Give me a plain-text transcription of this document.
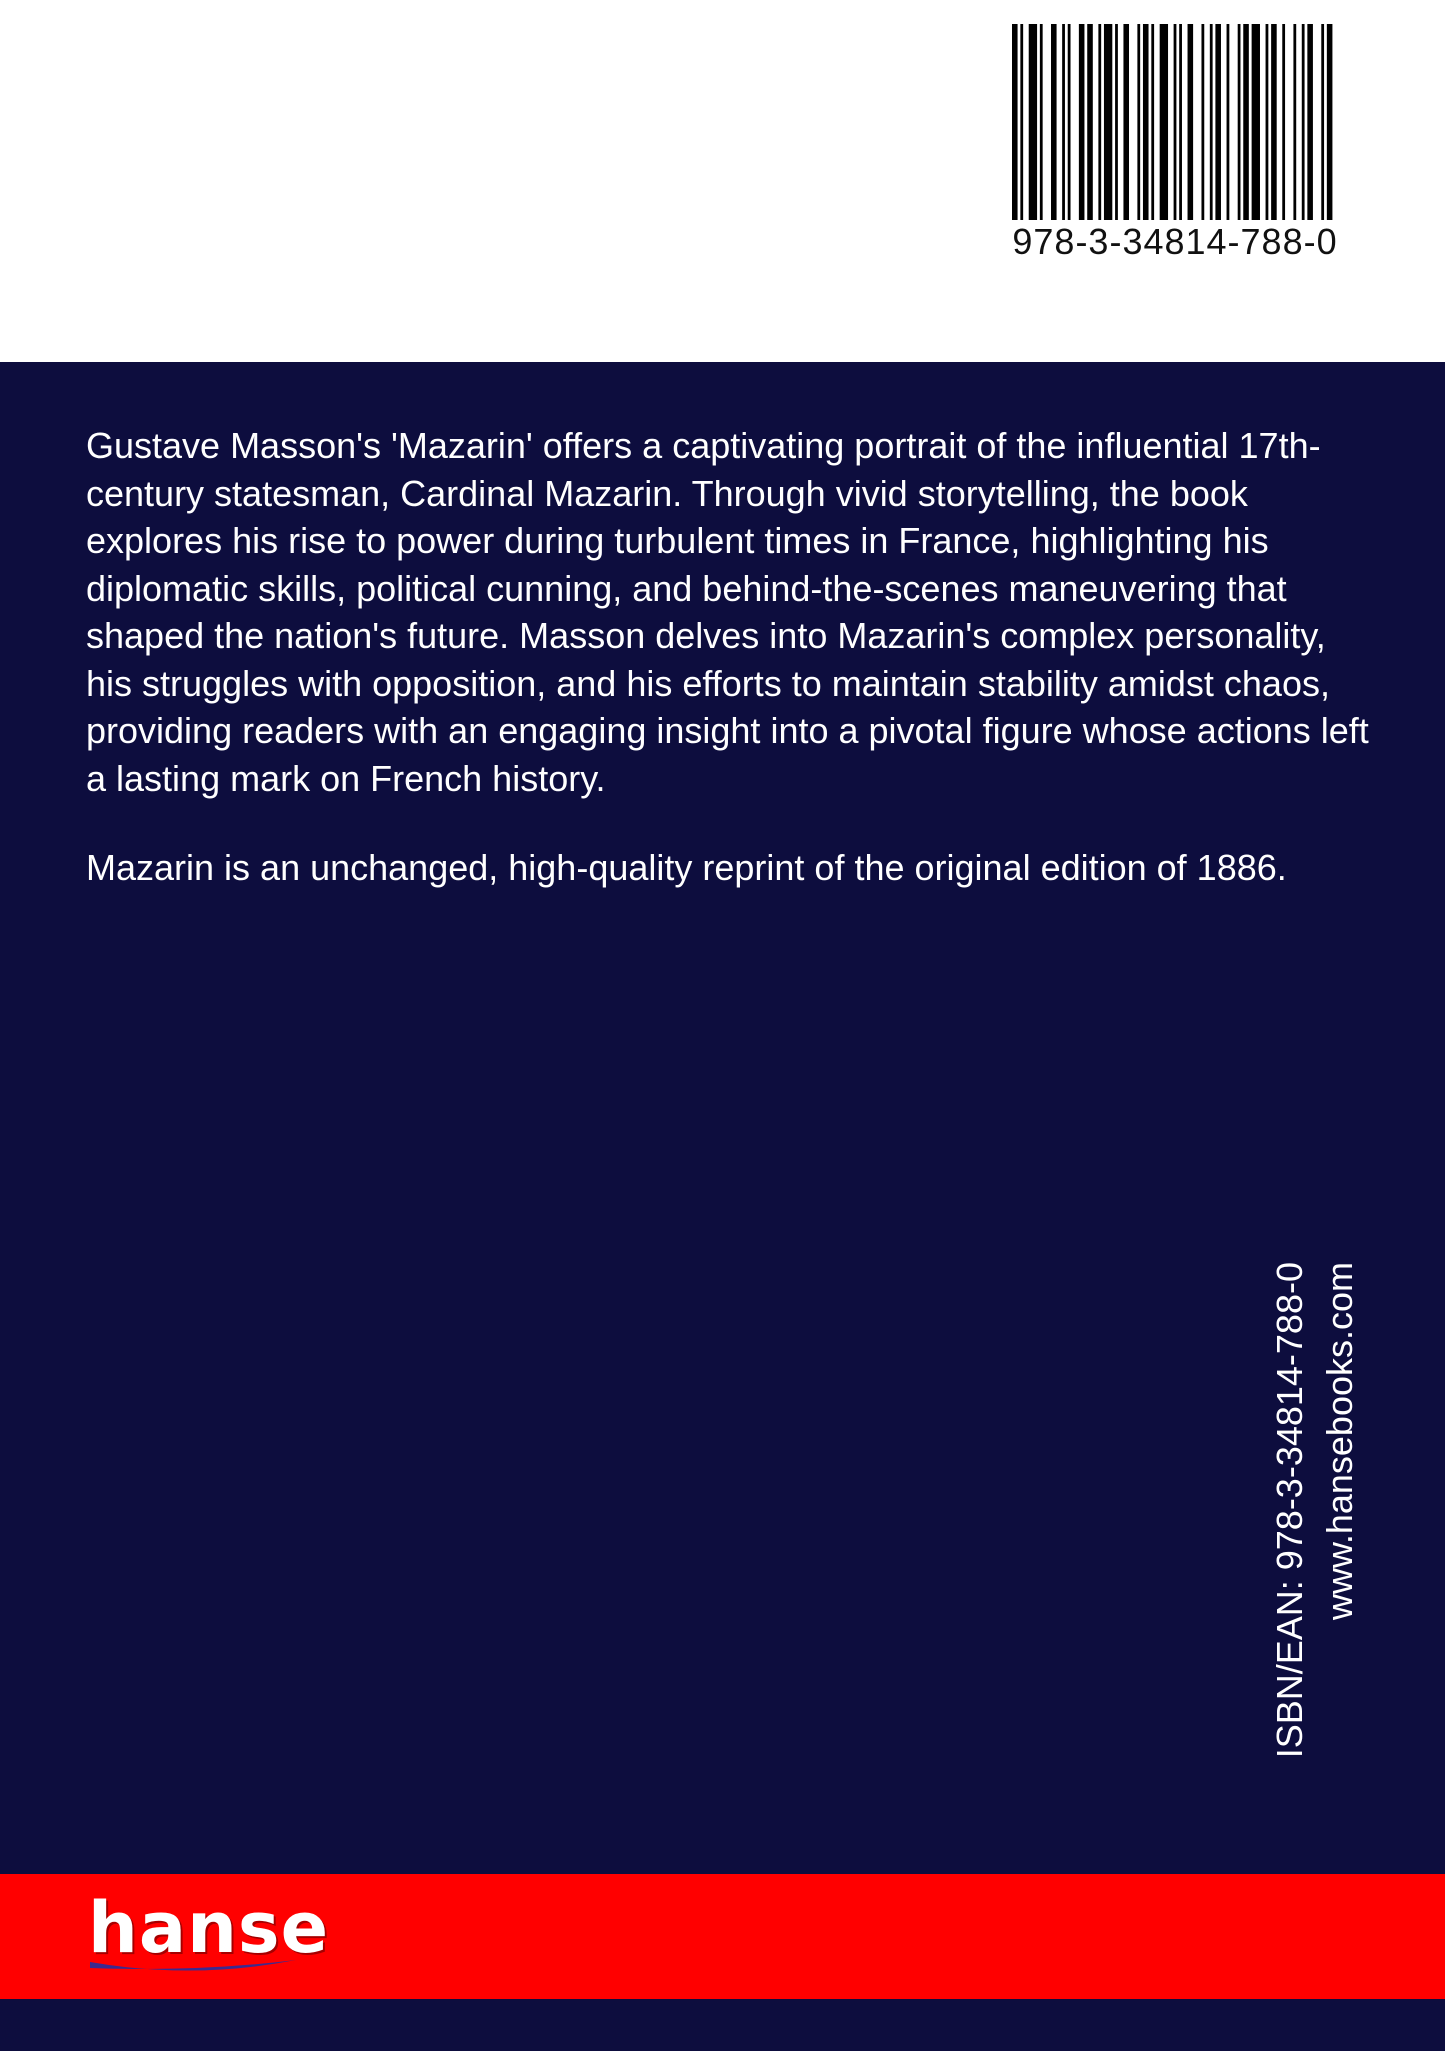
978-3-34814-788-0

Gustave Masson's 'Mazarin' offers a captivating portrait of the influential 17th-century statesman, Cardinal Mazarin. Through vivid storytelling, the book explores his rise to power during turbulent times in France, highlighting his diplomatic skills, political cunning, and behind-the-scenes maneuvering that shaped the nation's future. Masson delves into Mazarin's complex personality, his struggles with opposition, and his efforts to maintain stability amidst chaos, providing readers with an engaging insight into a pivotal figure whose actions left a lasting mark on French history.

Mazarin is an unchanged, high-quality reprint of the original edition of 1886.

ISBN/EAN: 978-3-34814-788-0 www.hansebooks.com
hanse
